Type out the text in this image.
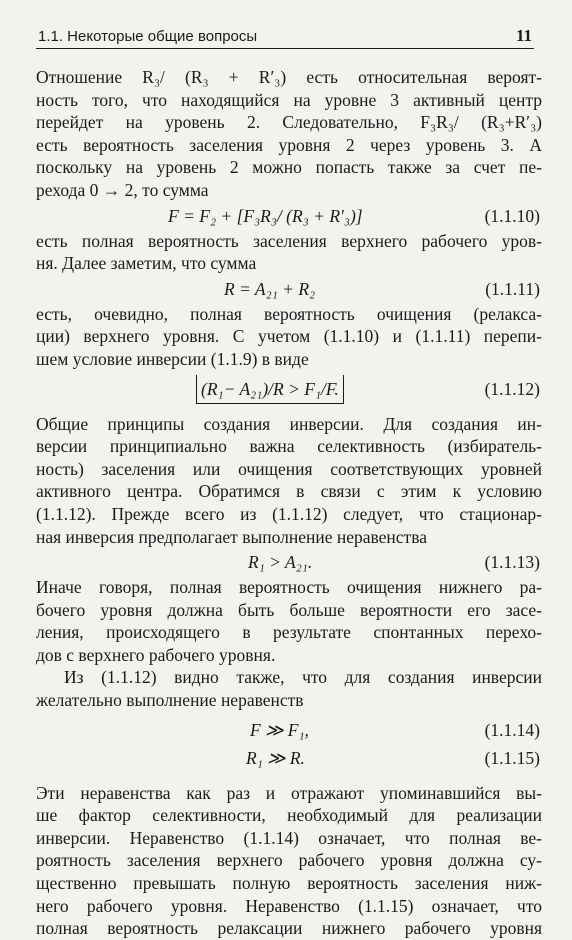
1.1. Некоторые общие вопросы	11
Отношение R₃/ (R₃ + R′₃) есть относительная вероят-
ность того, что находящийся на уровне 3 активный центр
перейдет на уровень 2. Следовательно, F₃R₃/ (R₃+R′₃)
есть вероятность заселения уровня 2 через уровень 3. А
поскольку на уровень 2 можно попасть также за счет пе-
рехода 0 → 2, то сумма
F = F₂ + [F₃R₃/ (R₃ + R′₃)]	(1.1.10)
есть полная вероятность заселения верхнего рабочего уров-
ня. Далее заметим, что сумма
R = A₂₁ + R₂	(1.1.11)
есть, очевидно, полная вероятность очищения (релакса-
ции) верхнего уровня. С учетом (1.1.10) и (1.1.11) перепи-
шем условие инверсии (1.1.9) в виде
(R₁− A₂₁)/R > F₁/F.	(1.1.12)
Общие принципы создания инверсии. Для создания ин-
версии принципиально важна селективность (избиратель-
ность) заселения или очищения соответствующих уровней
активного центра. Обратимся в связи с этим к условию
(1.1.12). Прежде всего из (1.1.12) следует, что стационар-
ная инверсия предполагает выполнение неравенства
R₁ > A₂₁.	(1.1.13)
Иначе говоря, полная вероятность очищения нижнего ра-
бочего уровня должна быть больше вероятности его засе-
ления, происходящего в результате спонтанных перехо-
дов с верхнего рабочего уровня.
Из (1.1.12) видно также, что для создания инверсии
желательно выполнение неравенств
F ≫ F₁,	(1.1.14)
R₁ ≫ R.	(1.1.15)
Эти неравенства как раз и отражают упоминавшийся вы-
ше фактор селективности, необходимый для реализации
инверсии. Неравенство (1.1.14) означает, что полная ве-
роятность заселения верхнего рабочего уровня должна су-
щественно превышать полную вероятность заселения ниж-
него рабочего уровня. Неравенство (1.1.15) означает, что
полная вероятность релаксации нижнего рабочего уровня
